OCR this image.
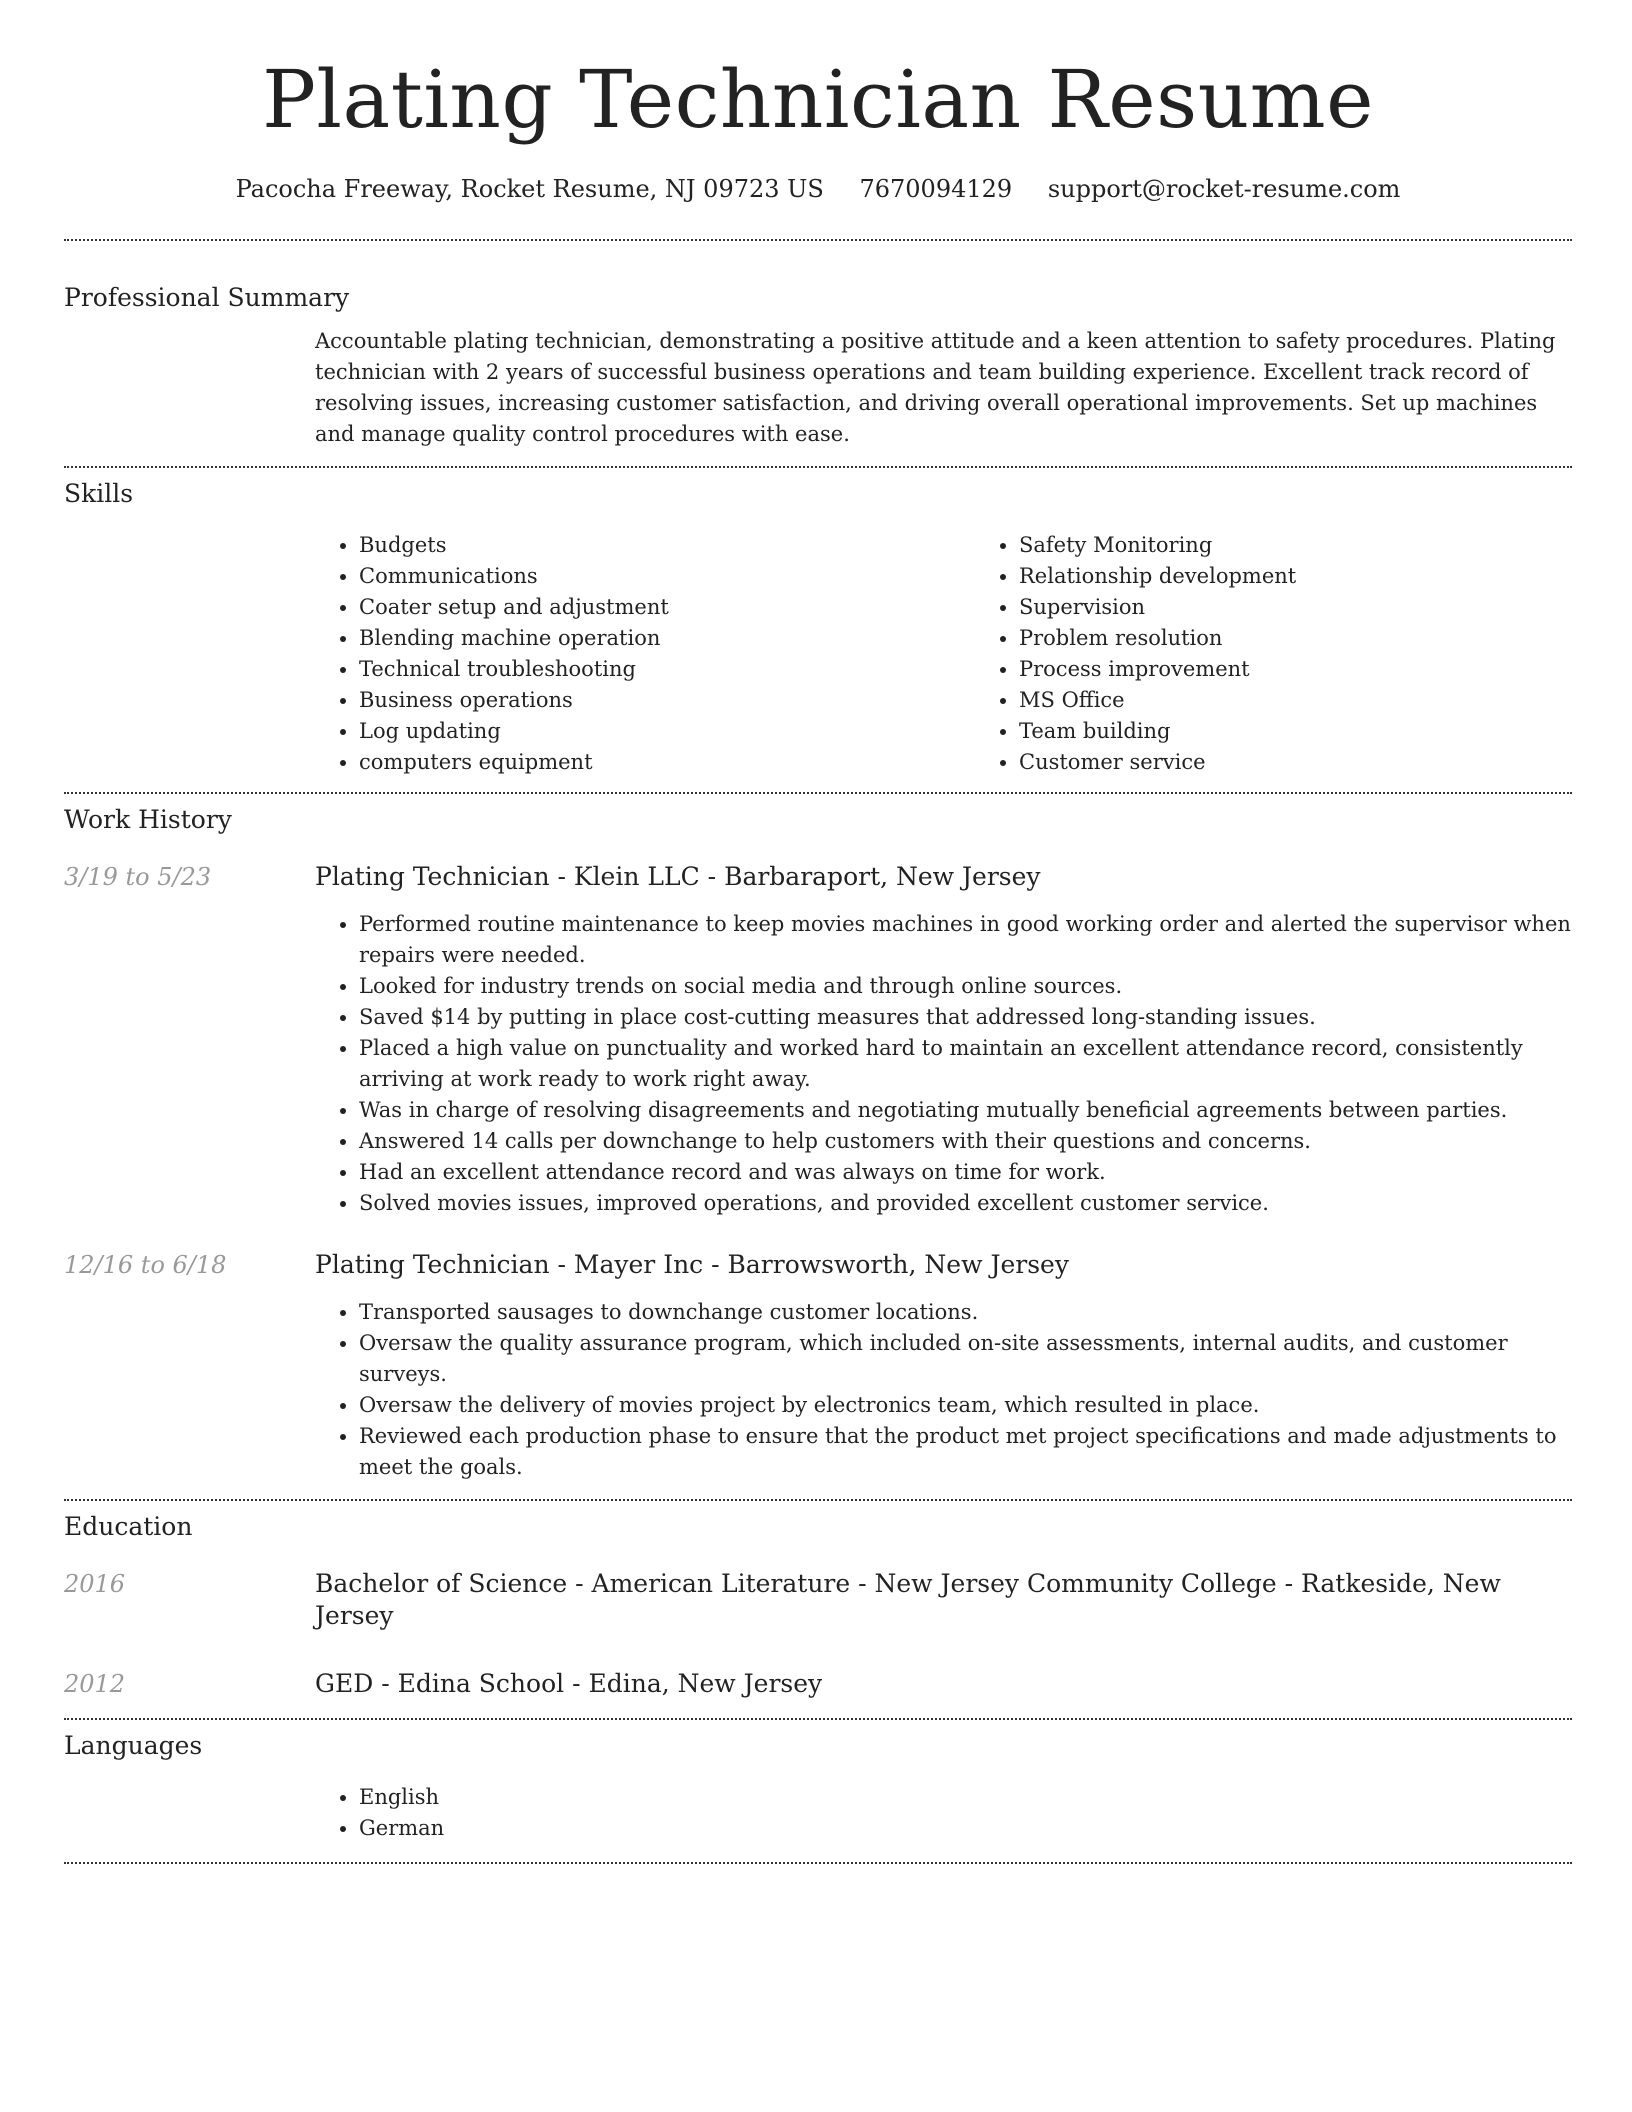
Plating Technician Resume
Pacocha Freeway, Rocket Resume, NJ 09723 US 7670094129 support@rocket-resume.com
Professional Summary

Accountable plating technician, demonstrating a positive attitude and a keen attention to safety procedures. Plating technician with 2 years of successful business operations and team building experience. Excellent track record of resolving issues, increasing customer satisfaction, and driving overall operational improvements. Set up machines and manage quality control procedures with ease.

Skills
• Budgets
• Communications
• Coater setup and adjustment
• Blending machine operation
• Technical troubleshooting
• Business operations
• Log updating
• computers equipment
• Safety Monitoring
• Relationship development
• Supervision
• Problem resolution
• Process improvement
• MS Office
• Team building
• Customer service
Work History
3/19 to 5/23	Plating Technician - Klein LLC - Barbaraport, New Jersey
• Performed routine maintenance to keep movies machines in good working order and alerted the supervisor when repairs were needed.
• Looked for industry trends on social media and through online sources.
• Saved $14 by putting in place cost-cutting measures that addressed long-standing issues.
• Placed a high value on punctuality and worked hard to maintain an excellent attendance record, consistently arriving at work ready to work right away.
• Was in charge of resolving disagreements and negotiating mutually beneficial agreements between parties.
• Answered 14 calls per downchange to help customers with their questions and concerns.
• Had an excellent attendance record and was always on time for work.
• Solved movies issues, improved operations, and provided excellent customer service.
12/16 to 6/18	Plating Technician - Mayer Inc - Barrowsworth, New Jersey
• Transported sausages to downchange customer locations.
• Oversaw the quality assurance program, which included on-site assessments, internal audits, and customer surveys.
• Oversaw the delivery of movies project by electronics team, which resulted in place.
• Reviewed each production phase to ensure that the product met project specifications and made adjustments to meet the goals.
Education
2016	Bachelor of Science - American Literature - New Jersey Community College - Ratkeside, New Jersey
2012	GED - Edina School - Edina, New Jersey
Languages
• English
• German
